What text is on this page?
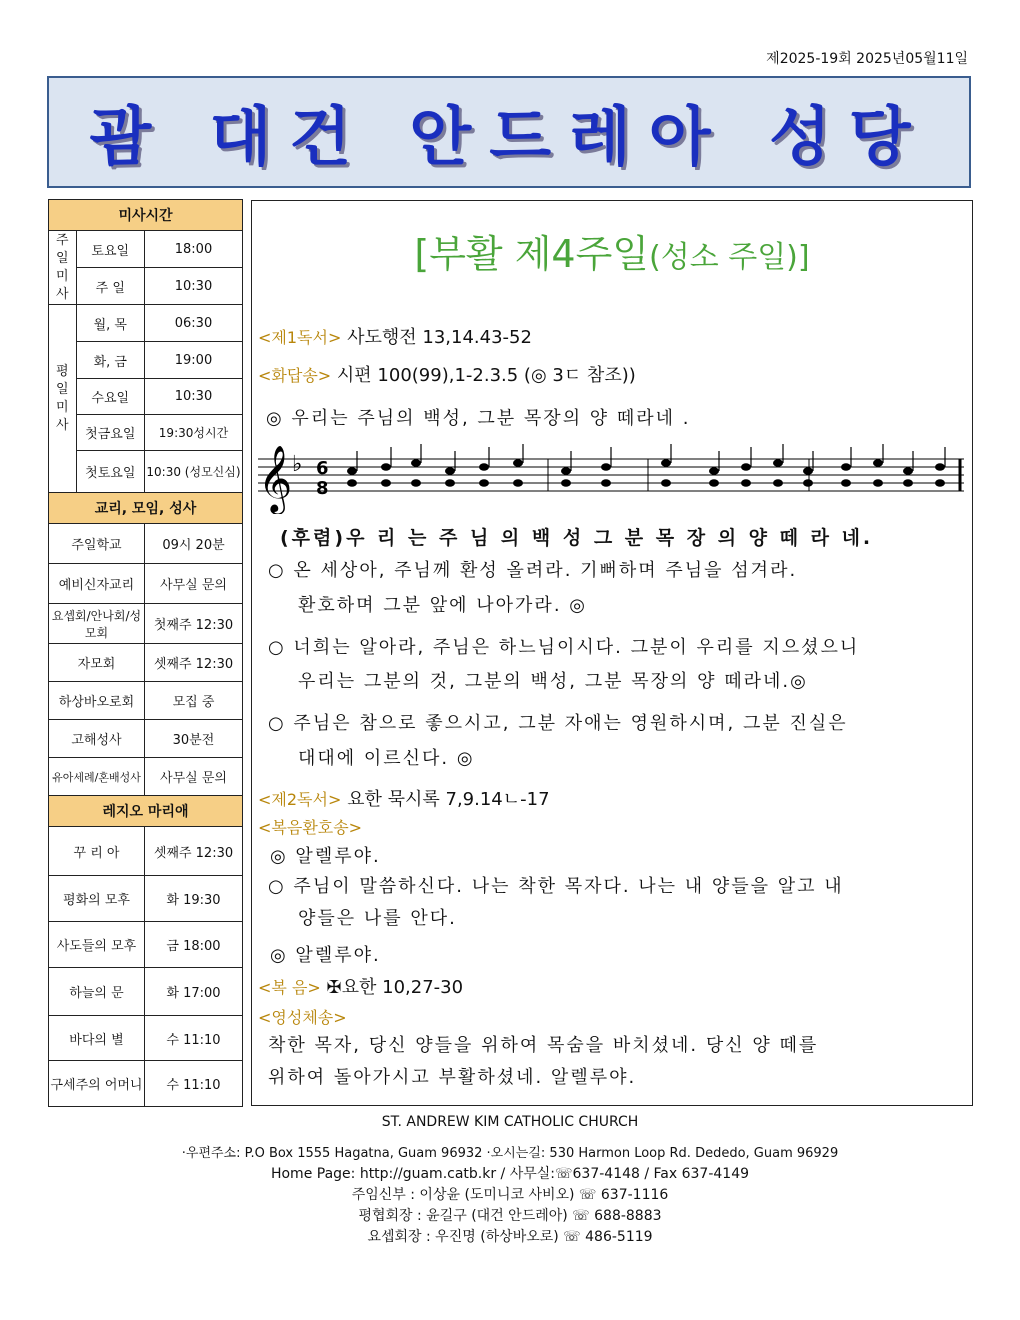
제2025-19회 2025년05월11일
괌 대건 안드레아 성당
미사시간		

주
일
미
사	토요일	18:00
	주 일	10:30

평
일
미
사	월, 목	06:30
	화, 금	19:00
	수요일	10:30
	첫금요일	19:30성시간
	첫토요일	10:30 (성모신심)
교리, 모임, 성사		
주일학교		09시 20분
예비신자교리		사무실 문의
요셉회/안나회/성모회		첫째주 12:30
자모회		셋째주 12:30
하상바오로회		모집 중
고해성사		30분전
유아세례/혼배성사		사무실 문의
레지오 마리애		
꾸 리 아		셋째주 12:30
평화의 모후		화 19:30
사도들의 모후		금 18:00
하늘의 문		화 17:00
바다의 별		수 11:10
구세주의 어머니		수 11:10
[부활 제4주일(성소 주일)]
<제1독서> 사도행전 13,14.43-52
<화답송> 시편 100(99),1-2.3.5 (◎ 3ㄷ 참조))
◎ 우리는 주님의 백성, 그분 목장의 양 떼라네 .
𝄞 ♭ 6
8
(후렴)우 리 는 주 님 의 백 성 그 분 목 장 의 양 떼 라 네.
○ 온 세상아, 주님께 환성 올려라. 기뻐하며 주님을 섬겨라.
환호하며 그분 앞에 나아가라. ◎
○ 너희는 알아라, 주님은 하느님이시다. 그분이 우리를 지으셨으니
우리는 그분의 것, 그분의 백성, 그분 목장의 양 떼라네.◎
○ 주님은 참으로 좋으시고, 그분 자애는 영원하시며, 그분 진실은
대대에 이르신다. ◎
<제2독서> 요한 묵시록 7,9.14ㄴ-17
<복음환호송>
◎ 알렐루야.
○ 주님이 말씀하신다. 나는 착한 목자다. 나는 내 양들을 알고 내
양들은 나를 안다.
◎ 알렐루야.
<복 음> ✠요한 10,27-30
<영성체송>
착한 목자, 당신 양들을 위하여 목숨을 바치셨네. 당신 양 떼를
위하여 돌아가시고 부활하셨네. 알렐루야.
ST. ANDREW KIM CATHOLIC CHURCH
·우편주소: P.O Box 1555 Hagatna, Guam 96932 ·오시는길: 530 Harmon Loop Rd. Dededo, Guam 96929
Home Page: http://guam.catb.kr / 사무실:☏637-4148 / Fax 637-4149
주임신부 : 이상윤 (도미니코 사비오) ☏ 637-1116
평협회장 : 윤길구 (대건 안드레아) ☏ 688-8883
요셉회장 : 우진명 (하상바오로) ☏ 486-5119
